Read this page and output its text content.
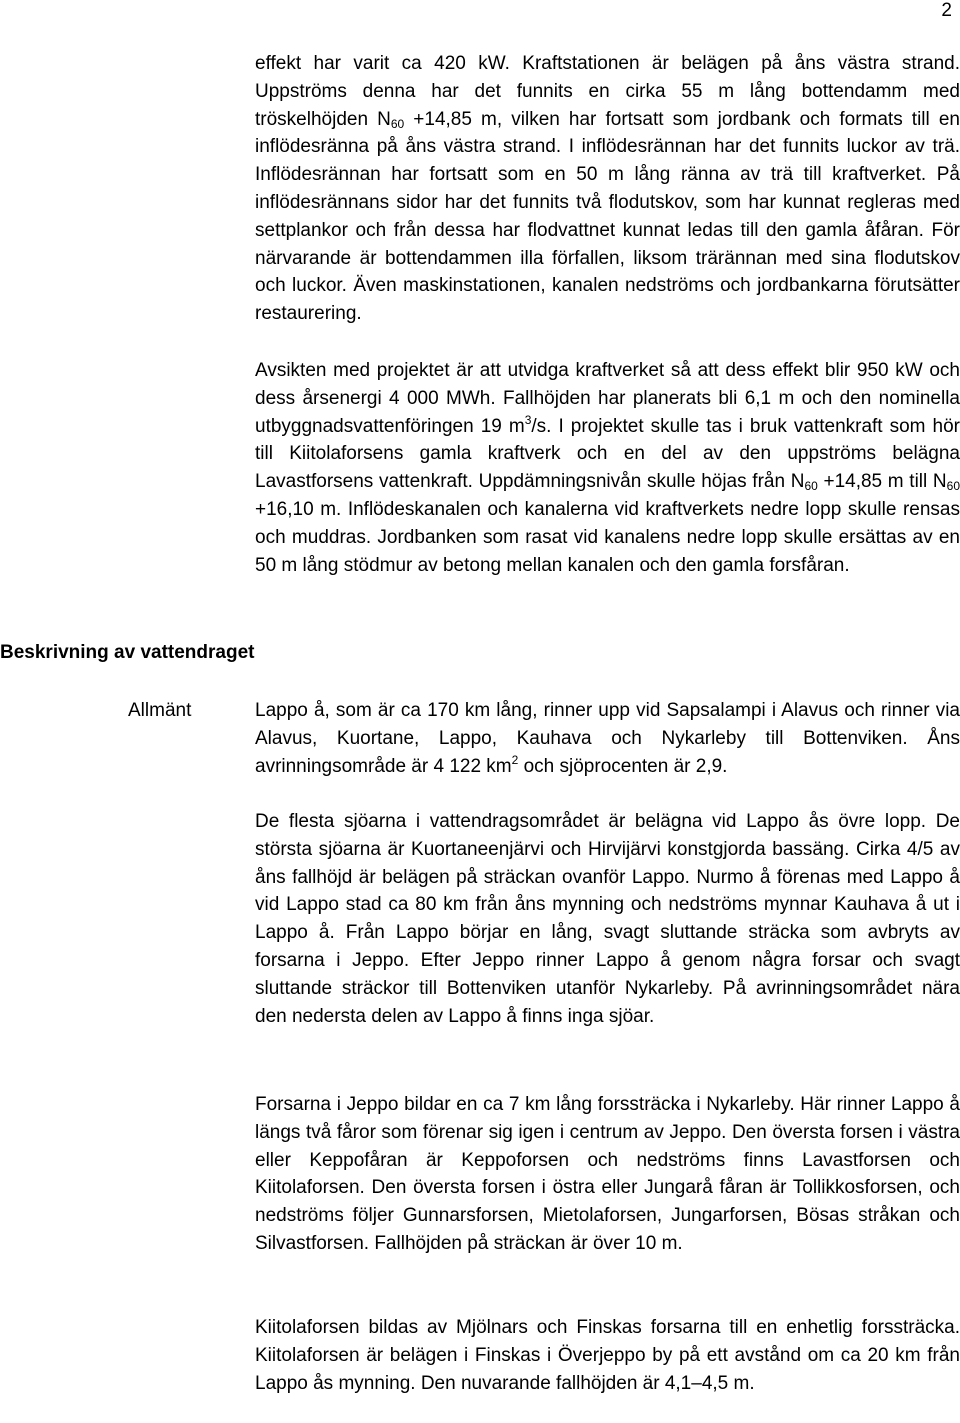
2
effekt har varit ca 420 kW. Kraftstationen är belägen på åns västra strand. Uppströms denna har det funnits en cirka 55 m lång bottendamm med tröskelhöjden $N_{60} +14,85$ m, vilken har fortsatt som jordbank och formats till en inflödesränna på åns västra strand. I inflödesrännan har det funnits luckor av trä. Inflödesrännan har fortsatt som en 50 m lång ränna av trä till kraftverket. På inflödesrännans sidor har det funnits två flodutskov, som har kunnat regleras med settplankor och från dessa har flodvattnet kunnat ledas till den gamla åfåran. För närvarande är bottendammen illa förfallen, liksom trärännan med sina flodutskov och luckor. Även maskinstationen, kanalen nedströms och jordbankarna förutsätter restaurering.
Avsikten med projektet är att utvidga kraftverket så att dess effekt blir 950 kW och dess årsenergi 4 000 MWh. Fallhöjden har planerats bli 6,1 m och den nominella utbyggnadsvattenföringen 19 $m^3/s$. I projektet skulle tas i bruk vattenkraft som hör till Kiitolaforsens gamla kraftverk och en del av den uppströms belägna Lavastforsens vattenkraft. Uppdämningsnivån skulle höjas från $N_{60} +14,85$ m till $N_{60} +16,10$ m. Inflödeskanalen och kanalerna vid kraftverkets nedre lopp skulle rensas och muddras. Jordbanken som rasat vid kanalens nedre lopp skulle ersättas av en 50 m lång stödmur av betong mellan kanalen och den gamla forsfåran.
Beskrivning av vattendraget
Allmänt	Lappo å, som är ca 170 km lång, rinner upp vid Sapsalampi i Alavus och rinner via Alavus, Kuortane, Lappo, Kauhava och Nykarleby till Bottenviken. Åns avrinningsområde är 4 122 $km^2$ och sjöprocenten är 2,9.
De flesta sjöarna i vattendragsområdet är belägna vid Lappo ås övre lopp. De största sjöarna är Kuortaneenjärvi och Hirvijärvi konstgjorda bassäng. Cirka 4/5 av åns fallhöjd är belägen på sträckan ovanför Lappo. Nurmo å förenas med Lappo å vid Lappo stad ca 80 km från åns mynning och nedströms mynnar Kauhava å ut i Lappo å. Från Lappo börjar en lång, svagt sluttande sträcka som avbryts av forsarna i Jeppo. Efter Jeppo rinner Lappo å genom några forsar och svagt sluttande sträckor till Bottenviken utanför Nykarleby. På avrinningsområdet nära den nedersta delen av Lappo å finns inga sjöar.
Forsarna i Jeppo bildar en ca 7 km lång forssträcka i Nykarleby. Här rinner Lappo å längs två fåror som förenar sig igen i centrum av Jeppo. Den översta forsen i västra eller Keppofåran är Keppoforsen och nedströms finns Lavastforsen och Kiitolaforsen. Den översta forsen i östra eller Jungarå fåran är Tollikkosforsen, och nedströms följer Gunnarsforsen, Mietolaforsen, Jungarforsen, Bösas stråkan och Silvastforsen. Fallhöjden på sträckan är över 10 m.
Kiitolaforsen bildas av Mjölnars och Finskas forsarna till en enhetlig forssträcka. Kiitolaforsen är belägen i Finskas i Överjeppo by på ett avstånd om ca 20 km från Lappo ås mynning. Den nuvarande fallhöjden är 4,1–4,5 m.
